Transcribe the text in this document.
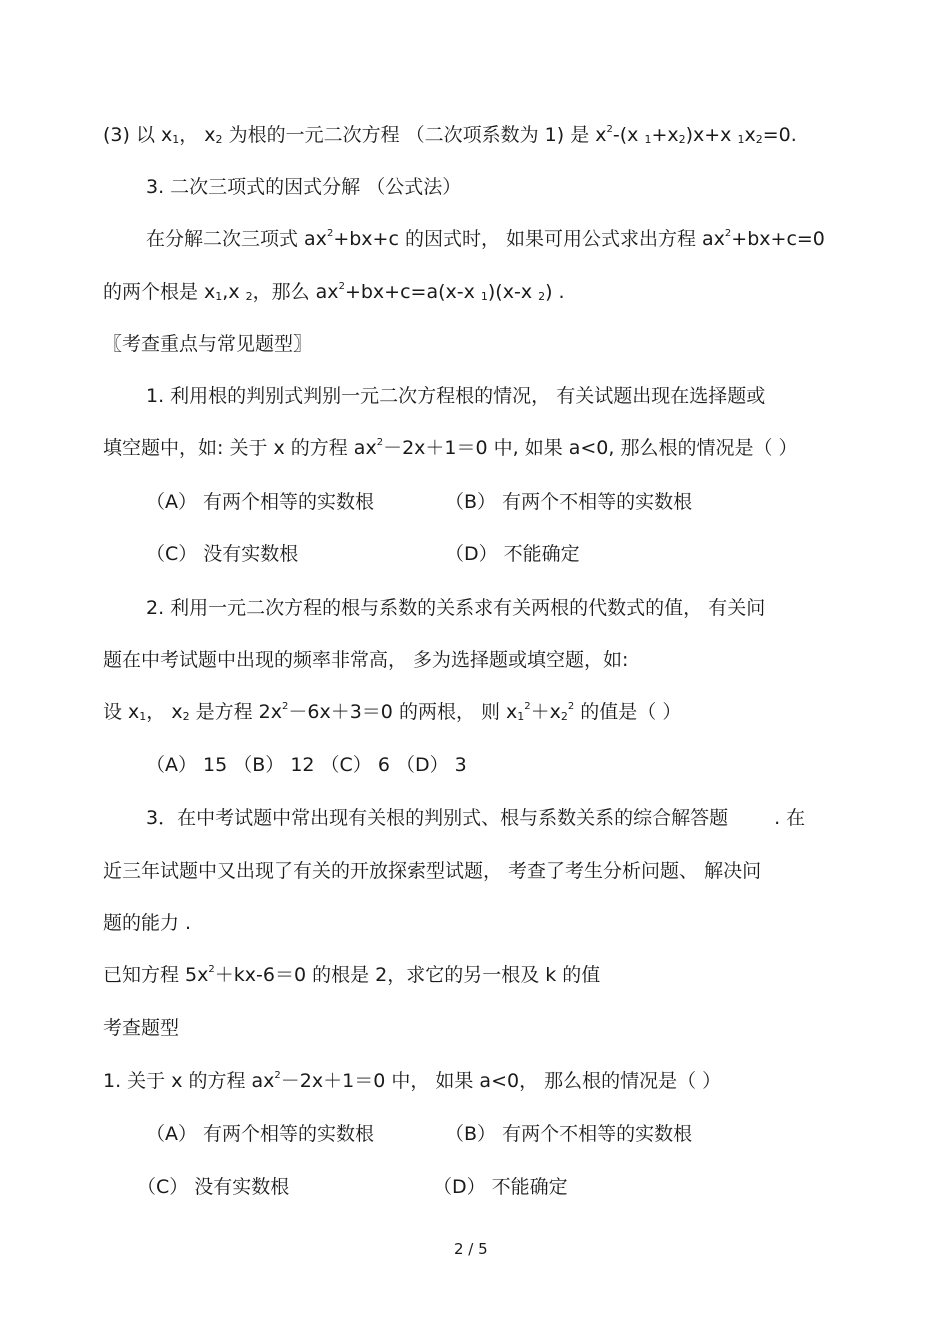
(3) 以 $x_1$， $x_2$ 为根的一元二次方程 （二次项系数为 1) 是 $x^2-(x$ $_1+x_2)x+x$ $_1x_2=0$.
3. 二次三项式的因式分解 （公式法）
在分解二次三项式 $ax^2+bx+c$ 的因式时， 如果可用公式求出方程 $ax^2+bx+c=0$
的两个根是 $x_1,x$ $_2$，那么 $ax^2+bx+c=a(x-x$ $_1$)(x-x $_2$) .
〖考查重点与常见题型〗
1. 利用根的判别式判别一元二次方程根的情况， 有关试题出现在选择题或
填空题中，如: 关于 x 的方程 $ax^2-2x+1=0$ 中, 如果 a<0, 那么根的情况是（ ）
（A） 有两个相等的实数根	（B） 有两个不相等的实数根
（C） 没有实数根	（D） 不能确定
2. 利用一元二次方程的根与系数的关系求有关两根的代数式的值， 有关问
题在中考试题中出现的频率非常高， 多为选择题或填空题，如:
设 $x_1$， $x_2$ 是方程 $2x^2-6x+3=0$ 的两根， 则 $x_1^2+x_2^2$ 的值是（ ）
（A） 15 （B） 12 （C） 6 （D） 3
3．在中考试题中常出现有关根的判别式、根与系数关系的综合解答题 . 在
近三年试题中又出现了有关的开放探索型试题， 考查了考生分析问题、 解决问
题的能力 .
已知方程 $5x^2+kx-6=0$ 的根是 2，求它的另一根及 k 的值
考查题型
1. 关于 x 的方程 $ax^2-2x+1=0$ 中， 如果 a<0， 那么根的情况是（ ）
（A） 有两个相等的实数根	（B） 有两个不相等的实数根
（C） 没有实数根	（D） 不能确定
2 / 5
